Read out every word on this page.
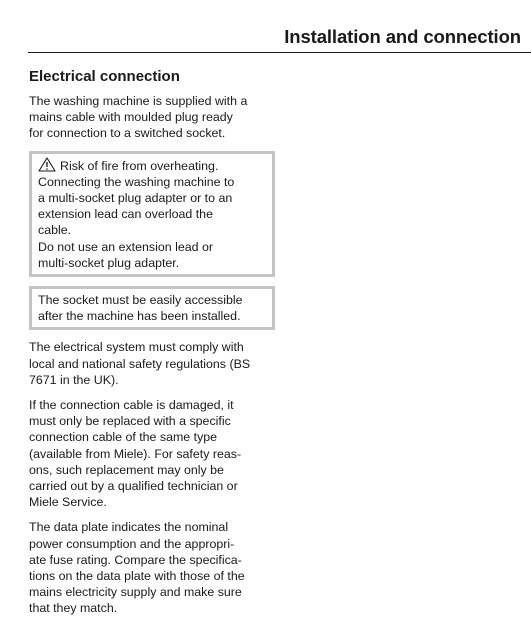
Installation and connection
Electrical connection
The washing machine is supplied with a
mains cable with moulded plug ready
for connection to a switched socket.
Risk of fire from overheating.
Connecting the washing machine to
a multi-socket plug adapter or to an
extension lead can overload the
cable.
Do not use an extension lead or
multi-socket plug adapter.
The socket must be easily accessible
after the machine has been installed.
The electrical system must comply with
local and national safety regulations (BS
7671 in the UK).
If the connection cable is damaged, it
must only be replaced with a specific
connection cable of the same type
(available from Miele). For safety reas-
ons, such replacement may only be
carried out by a qualified technician or
Miele Service.
The data plate indicates the nominal
power consumption and the appropri-
ate fuse rating. Compare the specifica-
tions on the data plate with those of the
mains electricity supply and make sure
that they match.
